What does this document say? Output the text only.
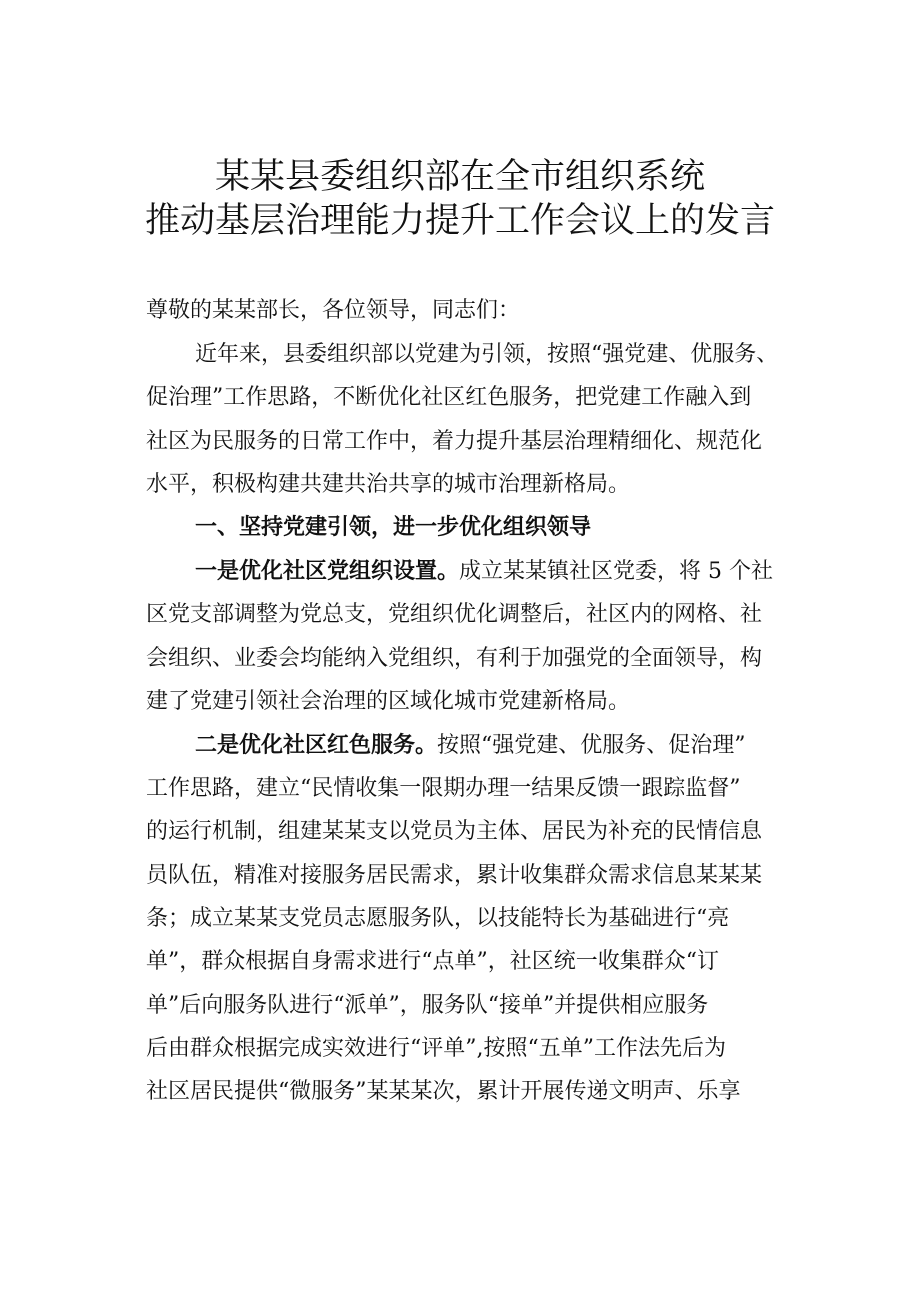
某某县委组织部在全市组织系统
推动基层治理能力提升工作会议上的发言
尊敬的某某部长，各位领导，同志们：
近年来，县委组织部以党建为引领，按照“强党建、优服务、
促治理”工作思路，不断优化社区红色服务，把党建工作融入到
社区为民服务的日常工作中，着力提升基层治理精细化、规范化
水平，积极构建共建共治共享的城市治理新格局。
一、坚持党建引领，进一步优化组织领导
一是优化社区党组织设置。成立某某镇社区党委，将 5 个社
区党支部调整为党总支，党组织优化调整后，社区内的网格、社
会组织、业委会均能纳入党组织，有利于加强党的全面领导，构
建了党建引领社会治理的区域化城市党建新格局。
二是优化社区红色服务。按照“强党建、优服务、促治理”
工作思路，建立“民情收集一限期办理一结果反馈一跟踪监督”
的运行机制，组建某某支以党员为主体、居民为补充的民情信息
员队伍，精准对接服务居民需求，累计收集群众需求信息某某某
条；成立某某支党员志愿服务队，以技能特长为基础进行“亮
单”，群众根据自身需求进行“点单”，社区统一收集群众“订
单”后向服务队进行“派单”，服务队“接单”并提供相应服务
后由群众根据完成实效进行“评单”,按照“五单”工作法先后为
社区居民提供“微服务”某某某次，累计开展传递文明声、乐享
